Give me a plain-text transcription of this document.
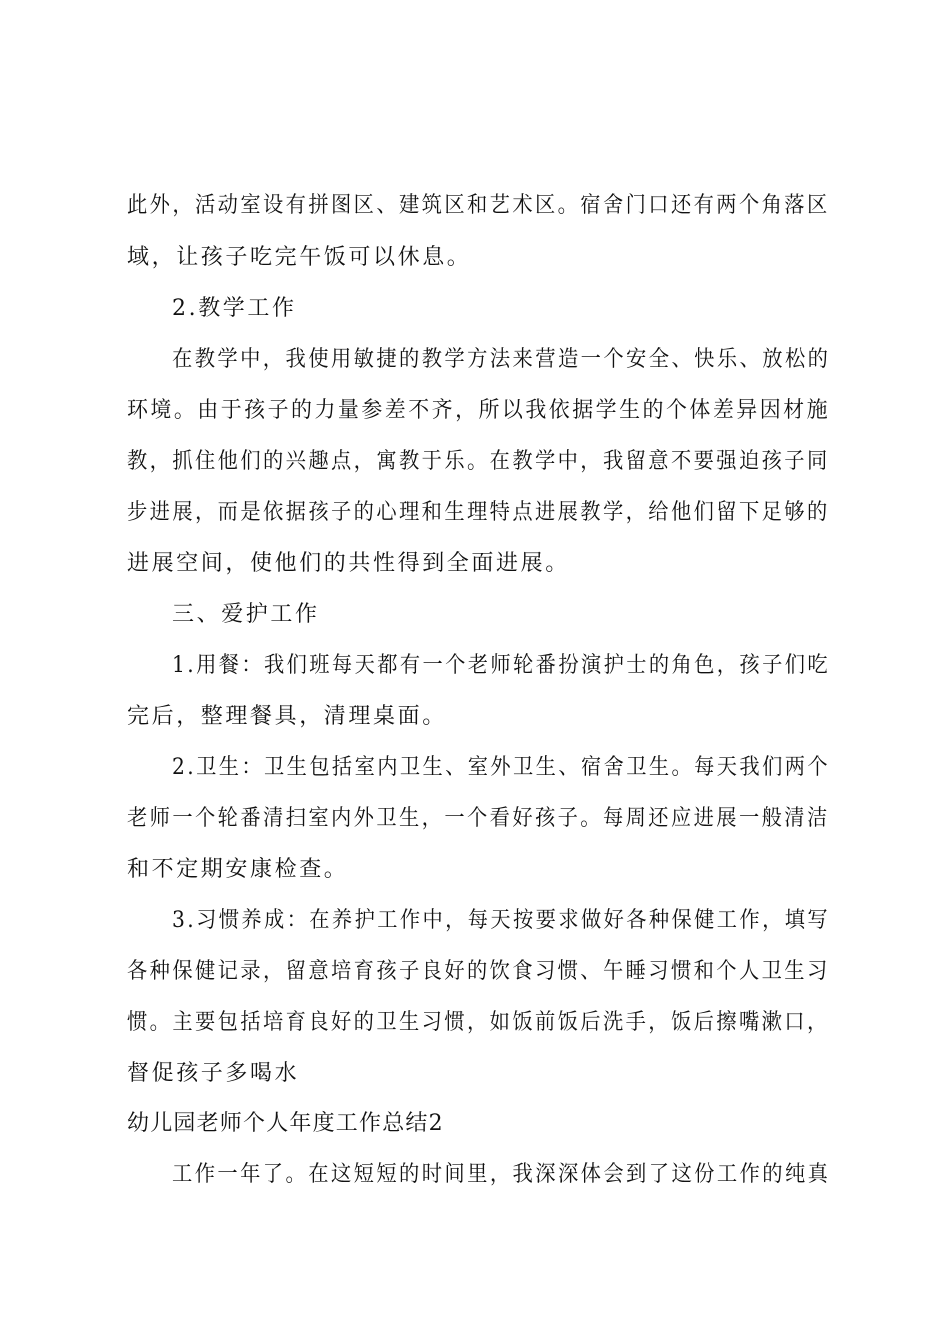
此外，活动室设有拼图区、建筑区和艺术区。宿舍门口还有两个角落区
域，让孩子吃完午饭可以休息。
2.教学工作
在教学中，我使用敏捷的教学方法来营造一个安全、快乐、放松的
环境。由于孩子的力量参差不齐，所以我依据学生的个体差异因材施
教，抓住他们的兴趣点，寓教于乐。在教学中，我留意不要强迫孩子同
步进展，而是依据孩子的心理和生理特点进展教学，给他们留下足够的
进展空间，使他们的共性得到全面进展。
三、爱护工作
1.用餐：我们班每天都有一个老师轮番扮演护士的角色，孩子们吃
完后，整理餐具，清理桌面。
2.卫生：卫生包括室内卫生、室外卫生、宿舍卫生。每天我们两个
老师一个轮番清扫室内外卫生，一个看好孩子。每周还应进展一般清洁
和不定期安康检查。
3.习惯养成：在养护工作中，每天按要求做好各种保健工作，填写
各种保健记录，留意培育孩子良好的饮食习惯、午睡习惯和个人卫生习
惯。主要包括培育良好的卫生习惯，如饭前饭后洗手，饭后擦嘴漱口，
督促孩子多喝水
幼儿园老师个人年度工作总结2
工作一年了。在这短短的时间里，我深深体会到了这份工作的纯真
